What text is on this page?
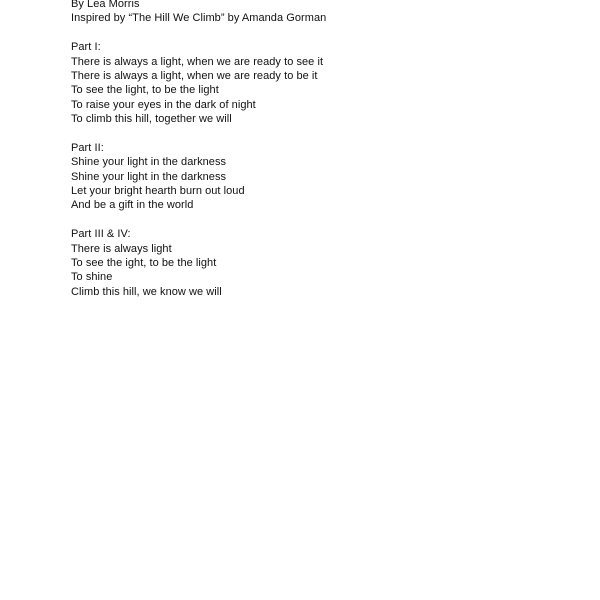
By Lea Morris
Inspired by “The Hill We Climb” by Amanda Gorman
Part I:
There is always a light, when we are ready to see it
There is always a light, when we are ready to be it
To see the light, to be the light
To raise your eyes in the dark of night
To climb this hill, together we will
Part II:
Shine your light in the darkness
Shine your light in the darkness
Let your bright hearth burn out loud
And be a gift in the world
Part III & IV:
There is always light
To see the ight, to be the light
To shine
Climb this hill, we know we will
